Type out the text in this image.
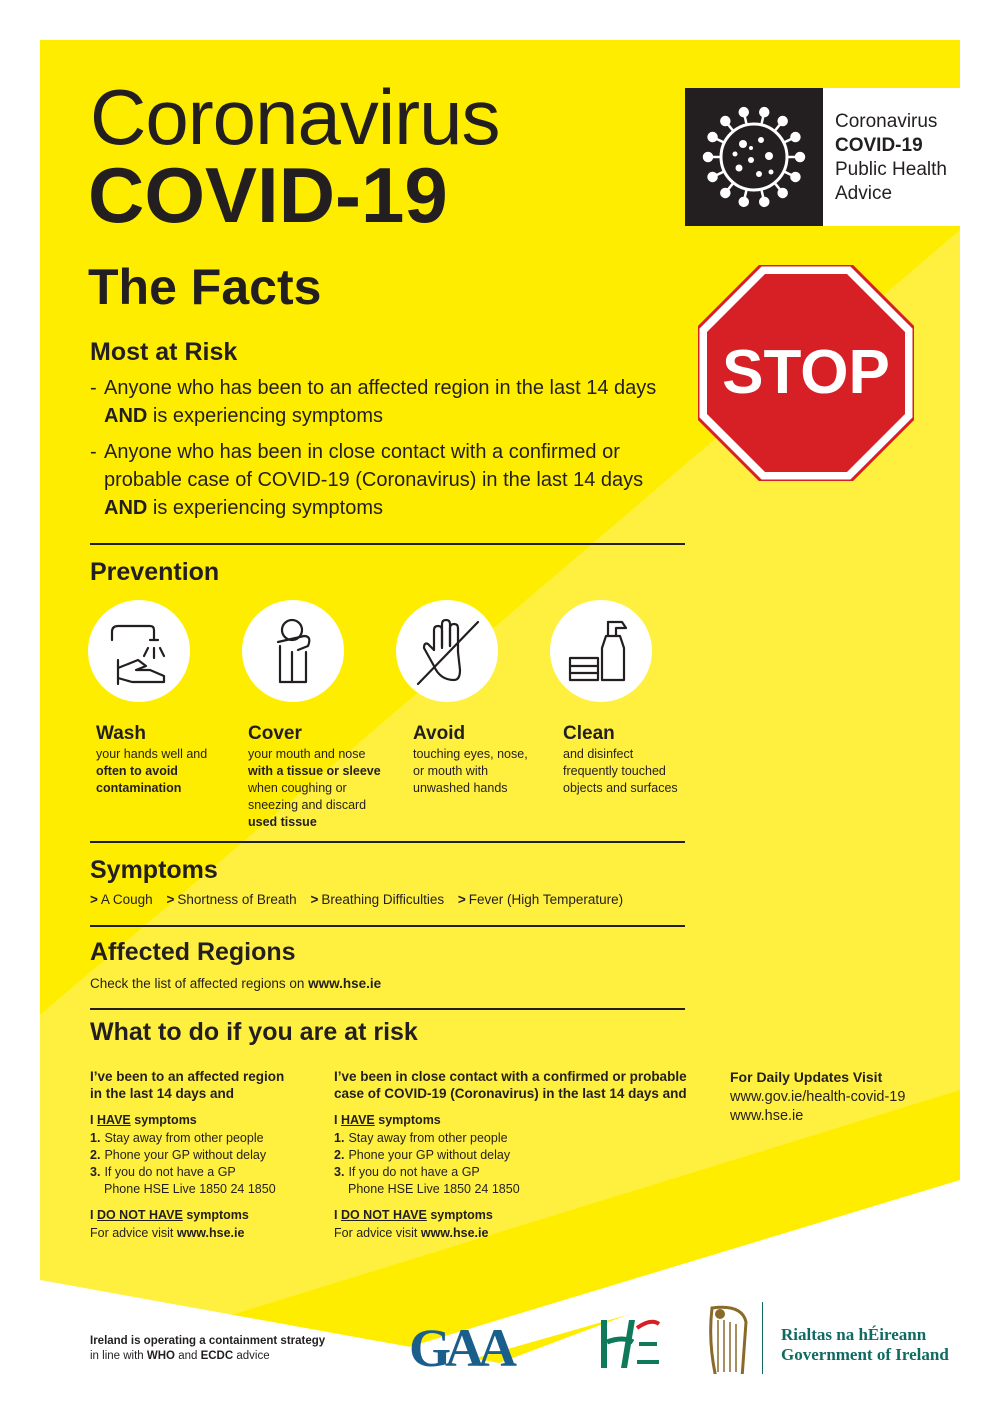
Coronavirus
COVID-19
The Facts
Coronavirus
COVID-19
Public Health
Advice
STOP
Most at Risk
- Anyone who has been to an affected region in the last 14 days
AND is experiencing symptoms
- Anyone who has been in close contact with a confirmed or
probable case of COVID-19 (Coronavirus) in the last 14 days
AND is experiencing symptoms
Prevention
Wash
your hands well and
often to avoid contamination
Cover
your mouth and nose
with a tissue or sleeve
when coughing or sneezing and discard
used tissue
Avoid
touching eyes, nose, or mouth with unwashed hands
Clean
and disinfect frequently touched objects and surfaces
Symptoms
> A Cough > Shortness of Breath > Breathing Difficulties > Fever (High Temperature)
Affected Regions
Check the list of affected regions on www.hse.ie
What to do if you are at risk
I’ve been to an affected region in the last 14 days and
I HAVE symptoms
1. Stay away from other people
2. Phone your GP without delay
3. If you do not have a GP
Phone HSE Live 1850 24 1850
I DO NOT HAVE symptoms
For advice visit www.hse.ie
I’ve been in close contact with a confirmed or probable case of COVID-19 (Coronavirus) in the last 14 days and
I HAVE symptoms
1. Stay away from other people
2. Phone your GP without delay
3. If you do not have a GP
Phone HSE Live 1850 24 1850
I DO NOT HAVE symptoms
For advice visit www.hse.ie
For Daily Updates Visit
www.gov.ie/health-covid-19
www.hse.ie
Ireland is operating a containment strategy
in line with WHO and ECDC advice	GAA	HSE
Rialtas na hÉireann
Government of Ireland
